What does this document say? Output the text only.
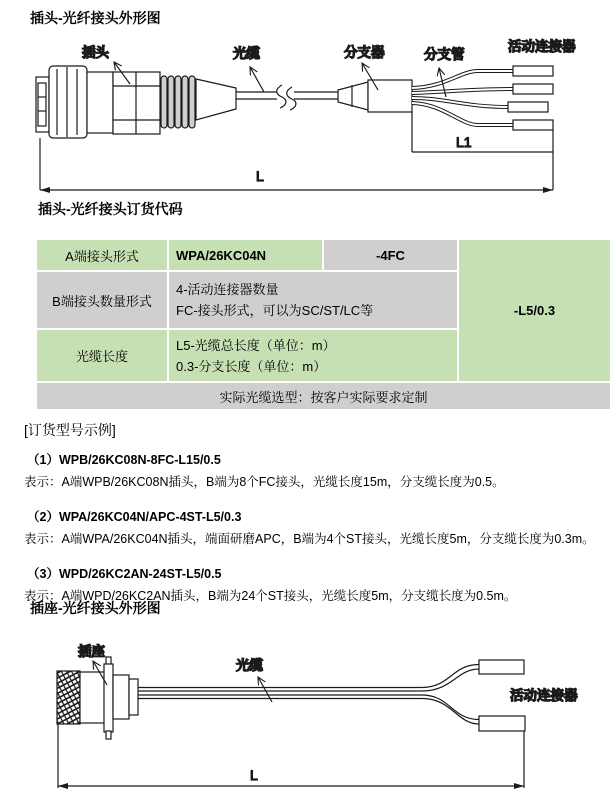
插头-光纤接头外形图
L1
L
插头	光缆	分支器	分支管
活动连接器
插头-光纤接头订货代码
A端接头形式	WPA/26KC04N	-4FC	-L5/0.3
B端接头数量形式	4-活动连接器数量
FC-接头形式，可以为SC/ST/LC等		

光缆长度	L5-光缆总长度（单位：m）
0.3-分支长度（单位：m）		

实际光缆选型：按客户实际要求定制			
[订货型号示例]
（1）WPB/26KC08N-8FC-L15/0.5
表示：A端WPB/26KC08N插头，B端为8个FC接头，光缆长度15m，分支缆长度为0.5。
（2）WPA/26KC04N/APC-4ST-L5/0.3
表示：A端WPA/26KC04N插头，端面研磨APC，B端为4个ST接头，光缆长度5m，分支缆长度为0.3m。
（3）WPD/26KC2AN-24ST-L5/0.5
表示：A端WPD/26KC2AN插头，B端为24个ST接头，光缆长度5m，分支缆长度为0.5m。
插座-光纤接头外形图
L
插座
光缆
活动连接器
